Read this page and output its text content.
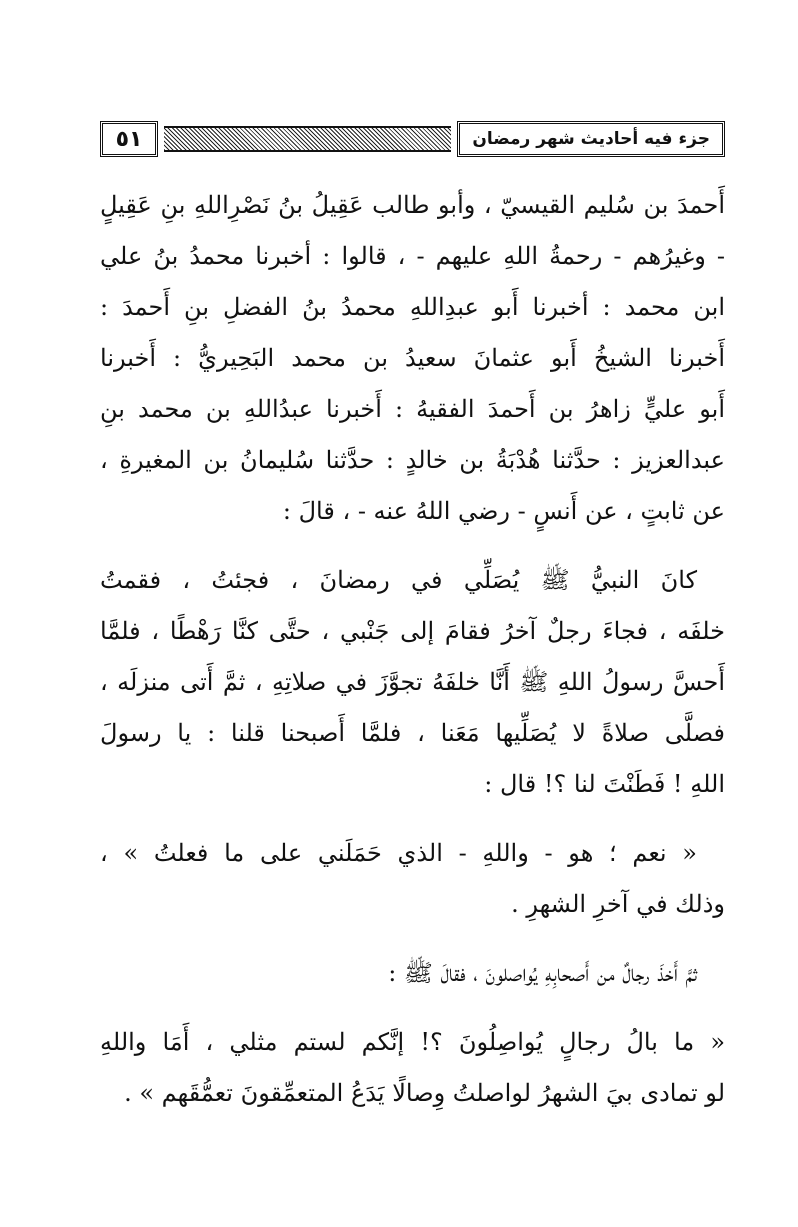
٥١	جزء فيه أحاديث شهر رمضان
أَحمدَ بن سُليم القيسيّ ، وأبو طالب عَقِيلُ بنُ نَصْرِاللهِ بنِ عَقِيلٍ
- وغيرُهم - رحمةُ اللهِ عليهم - ، قالوا : أخبرنا محمدُ بنُ علي
ابن محمد : أخبرنا أَبو عبدِاللهِ محمدُ بنُ الفضلِ بنِ أَحمدَ :
أَخبرنا الشيخُ أَبو عثمانَ سعيدُ بن محمد البَحِيريُّ : أَخبرنا
أَبو عليٍّ زاهرُ بن أَحمدَ الفقيهُ : أَخبرنا عبدُاللهِ بن محمد بنِ
عبدالعزيز : حدَّثنا هُدْبَةُ بن خالدٍ : حدَّثنا سُليمانُ بن المغيرةِ ،
عن ثابتٍ ، عن أَنسٍ - رضي اللهُ عنه - ، قالَ :
كانَ النبيُّ ﷺ يُصَلِّي في رمضانَ ، فجئتُ ، فقمتُ
خلفَه ، فجاءَ رجلٌ آخرُ فقامَ إلى جَنْبي ، حتَّى كنَّا رَهْطًا ، فلمَّا
أَحسَّ رسولُ اللهِ ﷺ أَنَّا خلفَهُ تجوَّزَ في صلاتِهِ ، ثمَّ أَتى منزلَه ،
فصلَّى صلاةً لا يُصَلِّيها مَعَنا ، فلمَّا أَصبحنا قلنا : يا رسولَ
اللهِ ! فَطَنْتَ لنا ؟! قال :
« نعم ؛ هو - واللهِ - الذي حَمَلَني على ما فعلتُ » ،
وذلك في آخرِ الشهرِ .
ثمَّ أَخذَ رجالٌ من أَصحابِهِ يُواصلونَ ، فقالَ ﷺ :
« ما بالُ رجالٍ يُواصِلُونَ ؟! إنَّكم لستم مثلي ، أَمَا واللهِ
لو تمادى بيَ الشهرُ لواصلتُ وِصالًا يَدَعُ المتعمِّقونَ تعمُّقَهم » .
